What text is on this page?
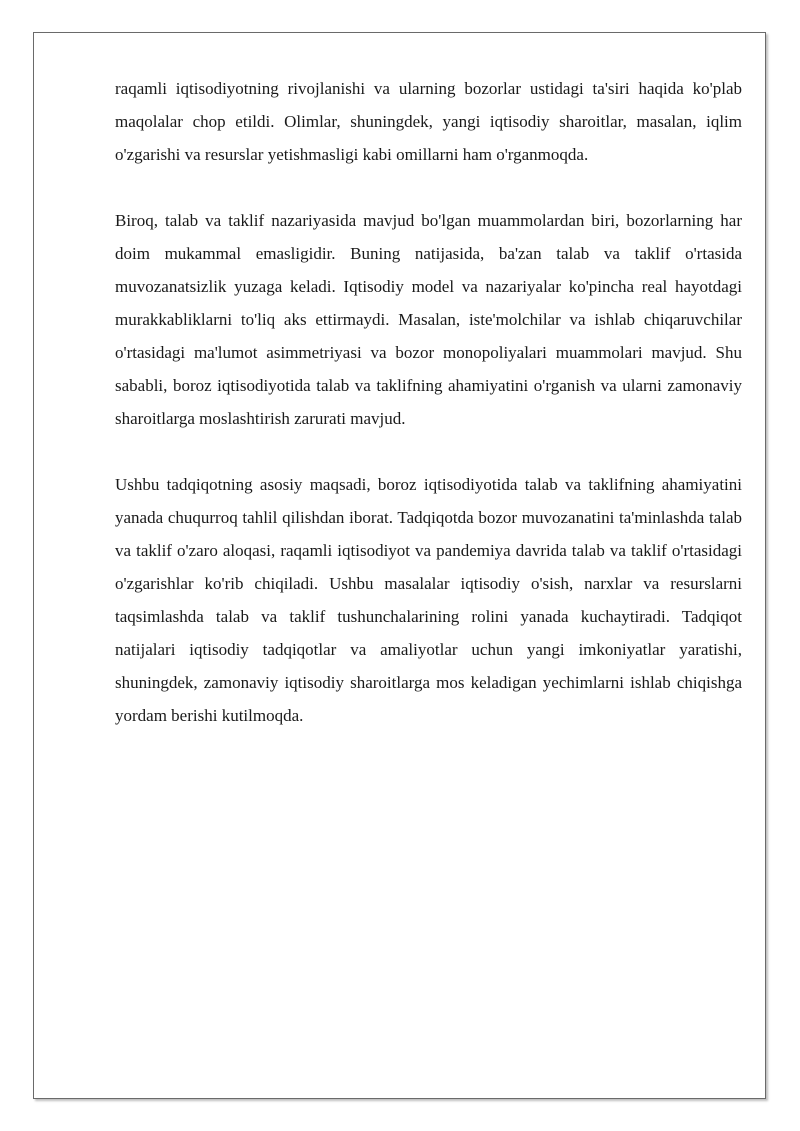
raqamli iqtisodiyotning rivojlanishi va ularning bozorlar ustidagi ta'siri haqida ko'plab maqolalar chop etildi. Olimlar, shuningdek, yangi iqtisodiy sharoitlar, masalan, iqlim o'zgarishi va resurslar yetishmasligi kabi omillarni ham o'rganmoqda.

Biroq, talab va taklif nazariyasida mavjud bo'lgan muammolardan biri, bozorlarning har doim mukammal emasligidir. Buning natijasida, ba'zan talab va taklif o'rtasida muvozanatsizlik yuzaga keladi. Iqtisodiy model va nazariyalar ko'pincha real hayotdagi murakkabliklarni to'liq aks ettirmaydi. Masalan, iste'molchilar va ishlab chiqaruvchilar o'rtasidagi ma'lumot asimmetriyasi va bozor monopoliyalari muammolari mavjud. Shu sababli, boroz iqtisodiyotida talab va taklifning ahamiyatini o'rganish va ularni zamonaviy sharoitlarga moslashtirish zarurati mavjud.

Ushbu tadqiqotning asosiy maqsadi, boroz iqtisodiyotida talab va taklifning ahamiyatini yanada chuqurroq tahlil qilishdan iborat. Tadqiqotda bozor muvozanatini ta'minlashda talab va taklif o'zaro aloqasi, raqamli iqtisodiyot va pandemiya davrida talab va taklif o'rtasidagi o'zgarishlar ko'rib chiqiladi. Ushbu masalalar iqtisodiy o'sish, narxlar va resurslarni taqsimlashda talab va taklif tushunchalarining rolini yanada kuchaytiradi. Tadqiqot natijalari iqtisodiy tadqiqotlar va amaliyotlar uchun yangi imkoniyatlar yaratishi, shuningdek, zamonaviy iqtisodiy sharoitlarga mos keladigan yechimlarni ishlab chiqishga yordam berishi kutilmoqda.
